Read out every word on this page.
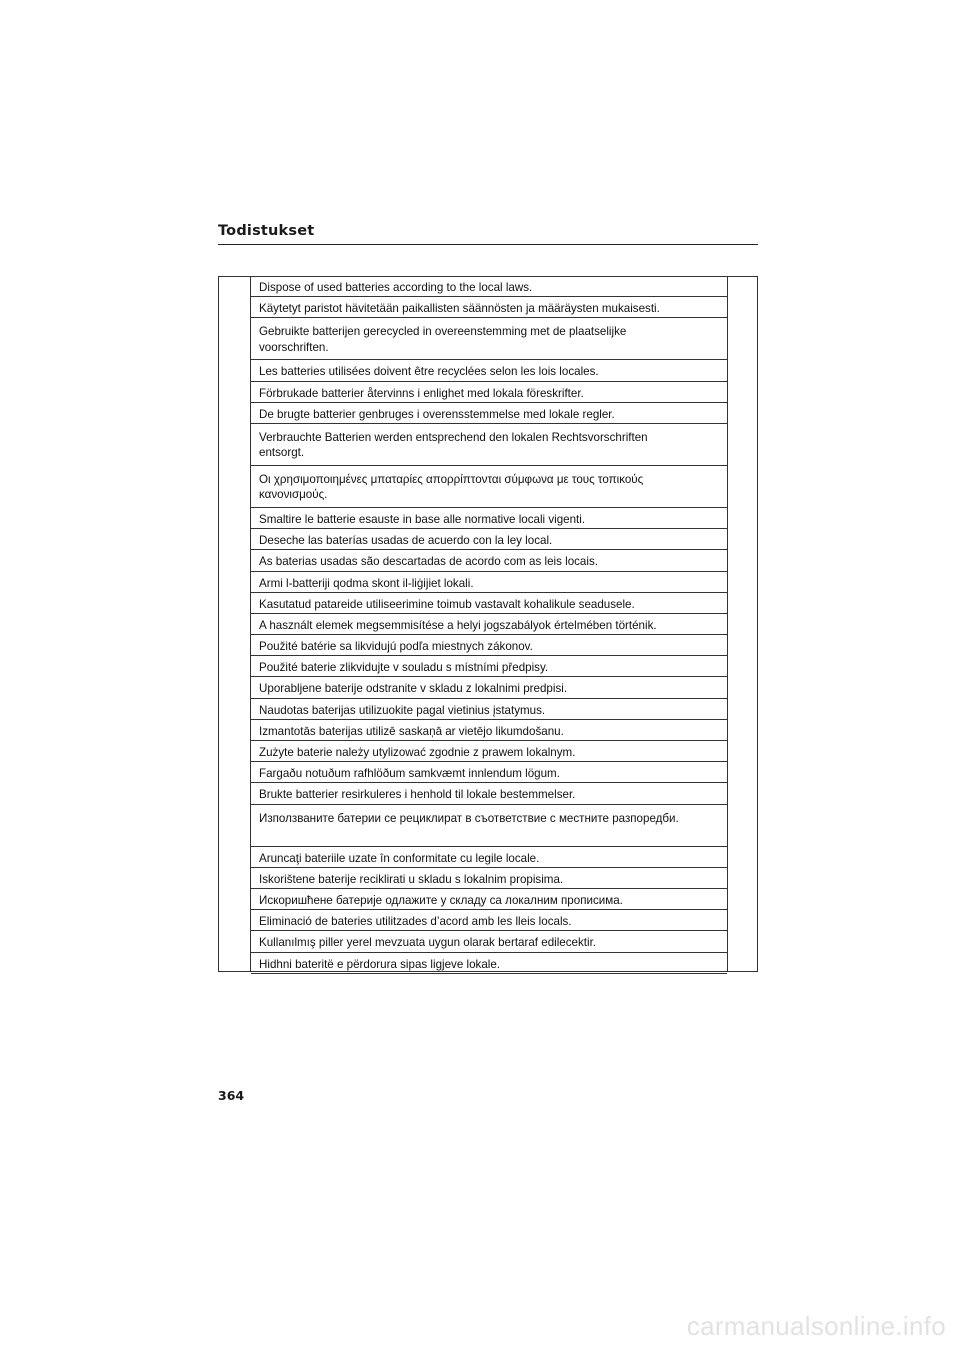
Todistukset
Dispose of used batteries according to the local laws.
Käytetyt paristot hävitetään paikallisten säännösten ja määräysten mukaisesti.
Gebruikte batterijen gerecycled in overeenstemming met de plaatselijke voorschriften.
Les batteries utilisées doivent être recyclées selon les lois locales.
Förbrukade batterier återvinns i enlighet med lokala föreskrifter.
De brugte batterier genbruges i overensstemmelse med lokale regler.
Verbrauchte Batterien werden entsprechend den lokalen Rechtsvorschriften entsorgt.
Οι χρησιμοποιημένες μπαταρίες απορρίπτονται σύμφωνα με τους τοπικούς κανονισμούς.
Smaltire le batterie esauste in base alle normative locali vigenti.
Deseche las baterías usadas de acuerdo con la ley local.
As baterias usadas são descartadas de acordo com as leis locais.
Armi l-batteriji qodma skont il-liġijiet lokali.
Kasutatud patareide utiliseerimine toimub vastavalt kohalikule seadusele.
A használt elemek megsemmisítése a helyi jogszabályok értelmében történik.
Použité batérie sa likvidujú podľa miestnych zákonov.
Použité baterie zlikvidujte v souladu s místními předpisy.
Uporabljene baterije odstranite v skladu z lokalnimi predpisi.
Naudotas baterijas utilizuokite pagal vietinius įstatymus.
Izmantotās baterijas utilizē saskaņā ar vietējo likumdošanu.
Zużyte baterie należy utylizować zgodnie z prawem lokalnym.
Fargaðu notuðum rafhlöðum samkvæmt innlendum lögum.
Brukte batterier resirkuleres i henhold til lokale bestemmelser.
Използваните батерии се рециклират в съответствие с местните разпоредби.
Aruncaţi bateriile uzate în conformitate cu legile locale.
Iskorištene baterije reciklirati u skladu s lokalnim propisima.
Искоришћене батерије одлажите у складу са локалним прописима.
Eliminació de bateries utilitzades d’acord amb les lleis locals.
Kullanılmış piller yerel mevzuata uygun olarak bertaraf edilecektir.
Hidhni bateritë e përdorura sipas ligjeve lokale.
364
carmanualsonline.info
